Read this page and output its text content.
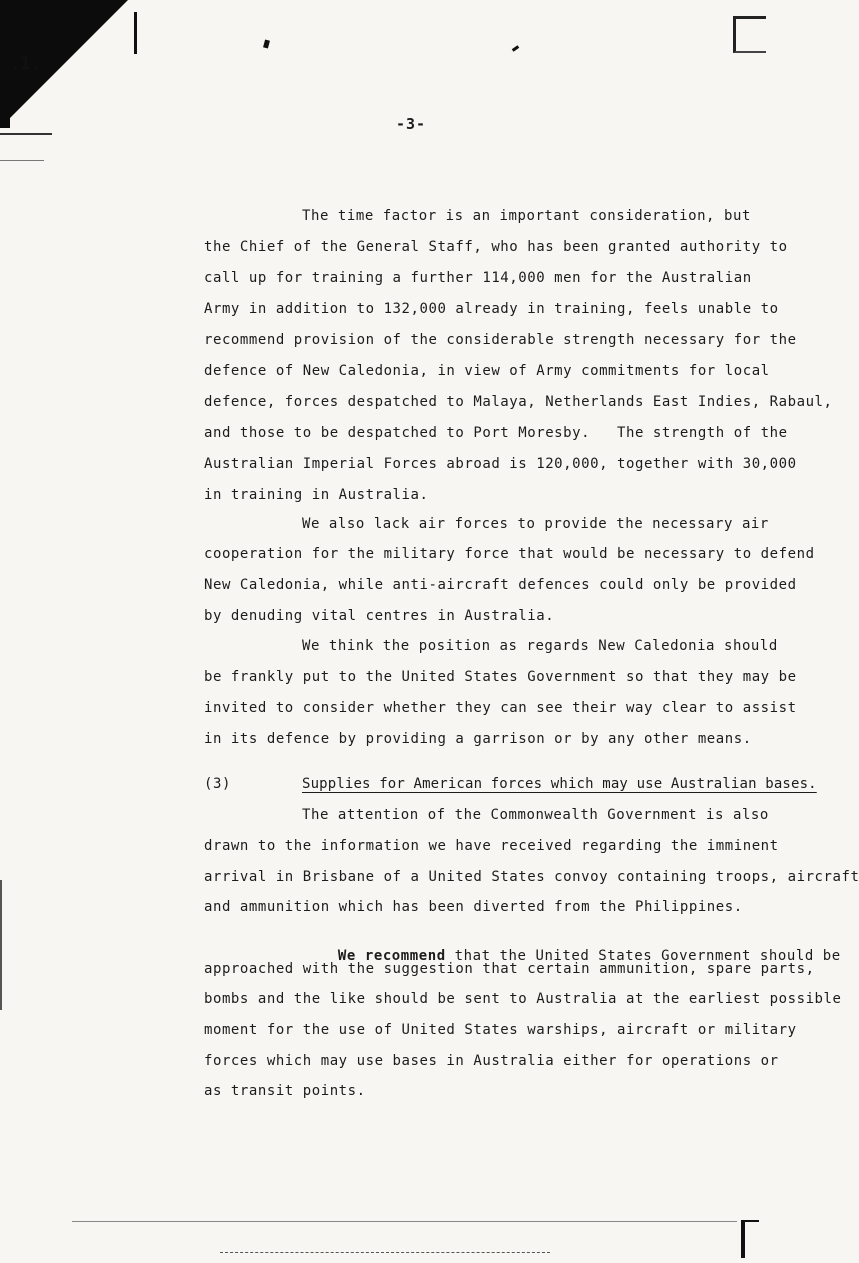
.1.
-3-
The time factor is an important consideration, but
the Chief of the General Staff, who has been granted authority to
call up for training a further 114,000 men for the Australian
Army in addition to 132,000 already in training, feels unable to
recommend provision of the considerable strength necessary for the
defence of New Caledonia, in view of Army commitments for local
defence, forces despatched to Malaya, Netherlands East Indies, Rabaul,
and those to be despatched to Port Moresby.   The strength of the
Australian Imperial Forces abroad is 120,000, together with 30,000
in training in Australia.
We also lack air forces to provide the necessary air
cooperation for the military force that would be necessary to defend
New Caledonia, while anti-aircraft defences could only be provided
by denuding vital centres in Australia.
We think the position as regards New Caledonia should
be frankly put to the United States Government so that they may be
invited to consider whether they can see their way clear to assist
in its defence by providing a garrison or by any other means.
(3)	Supplies for American forces which may use Australian bases.
The attention of the Commonwealth Government is also
drawn to the information we have received regarding the imminent
arrival in Brisbane of a United States convoy containing troops, aircraft
and ammunition which has been diverted from the Philippines.

We recommend that the United States Government should be

approached with the suggestion that certain ammunition, spare parts,
bombs and the like should be sent to Australia at the earliest possible
moment for the use of United States warships, aircraft or military
forces which may use bases in Australia either for operations or
as transit points.
